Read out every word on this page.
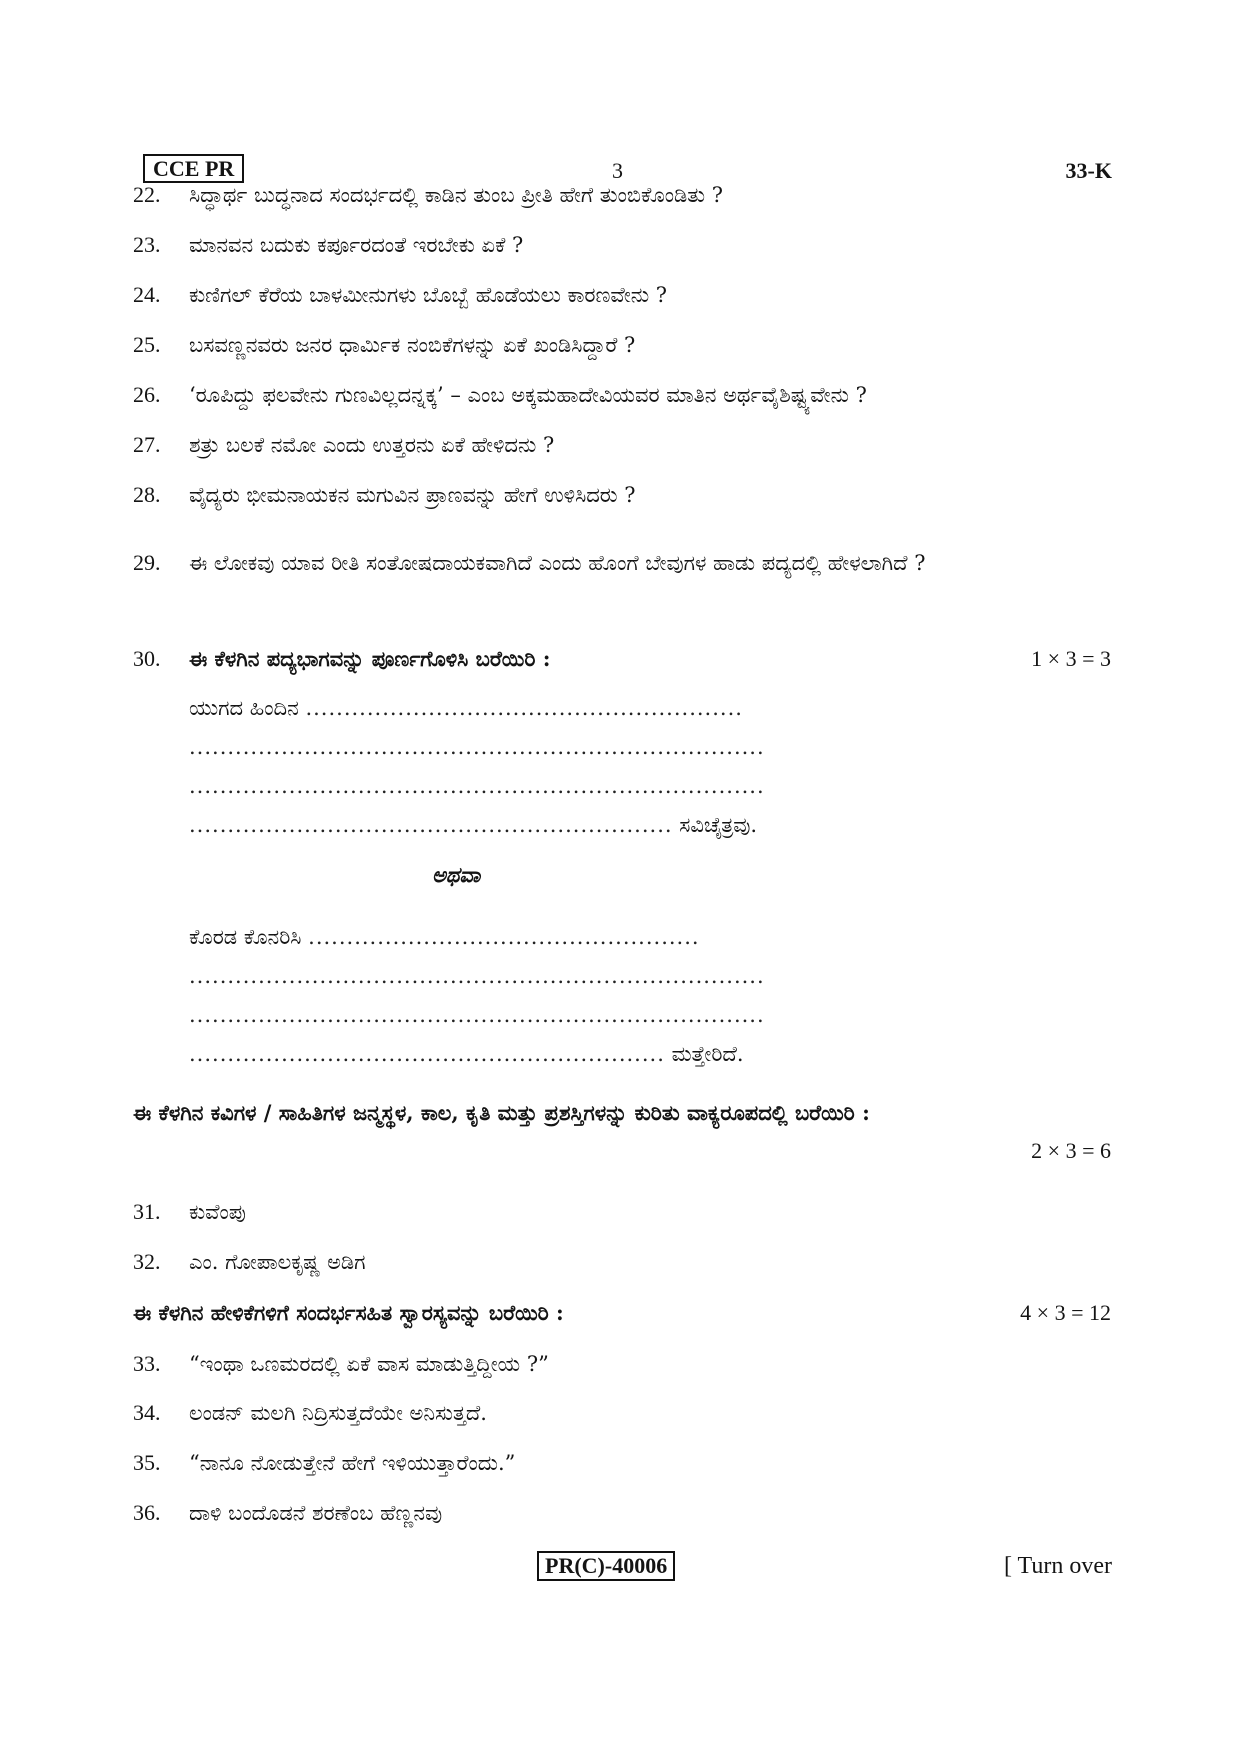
CCE PR	3	33-K
22.	ಸಿದ್ಧಾರ್ಥ ಬುದ್ಧನಾದ ಸಂದರ್ಭದಲ್ಲಿ ಕಾಡಿನ ತುಂಬ ಪ್ರೀತಿ ಹೇಗೆ ತುಂಬಿಕೊಂಡಿತು ?
23.	ಮಾನವನ ಬದುಕು ಕರ್ಪೂರದಂತೆ ಇರಬೇಕು ಏಕೆ ?
24.	ಕುಣಿಗಲ್ ಕೆರೆಯ ಬಾಳಮೀನುಗಳು ಬೊಬ್ಬೆ ಹೊಡೆಯಲು ಕಾರಣವೇನು ?
25.	ಬಸವಣ್ಣನವರು ಜನರ ಧಾರ್ಮಿಕ ನಂಬಿಕೆಗಳನ್ನು ಏಕೆ ಖಂಡಿಸಿದ್ದಾರೆ ?
26.	‘ರೂಪಿದ್ದು ಫಲವೇನು ಗುಣವಿಲ್ಲದನ್ನಕ್ಕ’ – ಎಂಬ ಅಕ್ಕಮಹಾದೇವಿಯವರ ಮಾತಿನ ಅರ್ಥವೈಶಿಷ್ಟ್ಯವೇನು ?
27.	ಶತ್ರು ಬಲಕೆ ನಮೋ ಎಂದು ಉತ್ತರನು ಏಕೆ ಹೇಳಿದನು ?
28.	ವೈದ್ಯರು ಭೀಮನಾಯಕನ ಮಗುವಿನ ಪ್ರಾಣವನ್ನು ಹೇಗೆ ಉಳಿಸಿದರು ?
29.	ಈ ಲೋಕವು ಯಾವ ರೀತಿ ಸಂತೋಷದಾಯಕವಾಗಿದೆ ಎಂದು ಹೊಂಗೆ ಬೇವುಗಳ ಹಾಡು ಪದ್ಯದಲ್ಲಿ ಹೇಳಲಾಗಿದೆ ?
30. ಈ ಕೆಳಗಿನ ಪದ್ಯಭಾಗವನ್ನು ಪೂರ್ಣಗೊಳಿಸಿ ಬರೆಯಿರಿ :	1 × 3 = 3
ಯುಗದ ಹಿಂದಿನ .........................................................
...........................................................................
...........................................................................
............................................................... ಸವಿಚೈತ್ರವು.
ಅಥವಾ
ಕೊರಡ ಕೊನರಿಸಿ ...................................................
...........................................................................
...........................................................................
.............................................................. ಮತ್ತೇರಿದೆ.
ಈ ಕೆಳಗಿನ ಕವಿಗಳ / ಸಾಹಿತಿಗಳ ಜನ್ಮಸ್ಥಳ, ಕಾಲ, ಕೃತಿ ಮತ್ತು ಪ್ರಶಸ್ತಿಗಳನ್ನು ಕುರಿತು ವಾಕ್ಯರೂಪದಲ್ಲಿ ಬರೆಯಿರಿ :
2 × 3 = 6
31.	ಕುವೆಂಪು
32.	ಎಂ. ಗೋಪಾಲಕೃಷ್ಣ ಅಡಿಗ
ಈ ಕೆಳಗಿನ ಹೇಳಿಕೆಗಳಿಗೆ ಸಂದರ್ಭಸಹಿತ ಸ್ವಾರಸ್ಯವನ್ನು ಬರೆಯಿರಿ :	4 × 3 = 12
33.	“ಇಂಥಾ ಒಣಮರದಲ್ಲಿ ಏಕೆ ವಾಸ ಮಾಡುತ್ತಿದ್ದೀಯ ?”
34.	ಲಂಡನ್ ಮಲಗಿ ನಿದ್ರಿಸುತ್ತದೆಯೇ ಅನಿಸುತ್ತದೆ.
35.	“ನಾನೂ ನೋಡುತ್ತೇನೆ ಹೇಗೆ ಇಳಿಯುತ್ತಾರೆಂದು.”
36.	ದಾಳಿ ಬಂದೊಡನೆ ಶರಣೆಂಬ ಹೆಣ್ಣನವು
PR(C)-40006	[ Turn over
